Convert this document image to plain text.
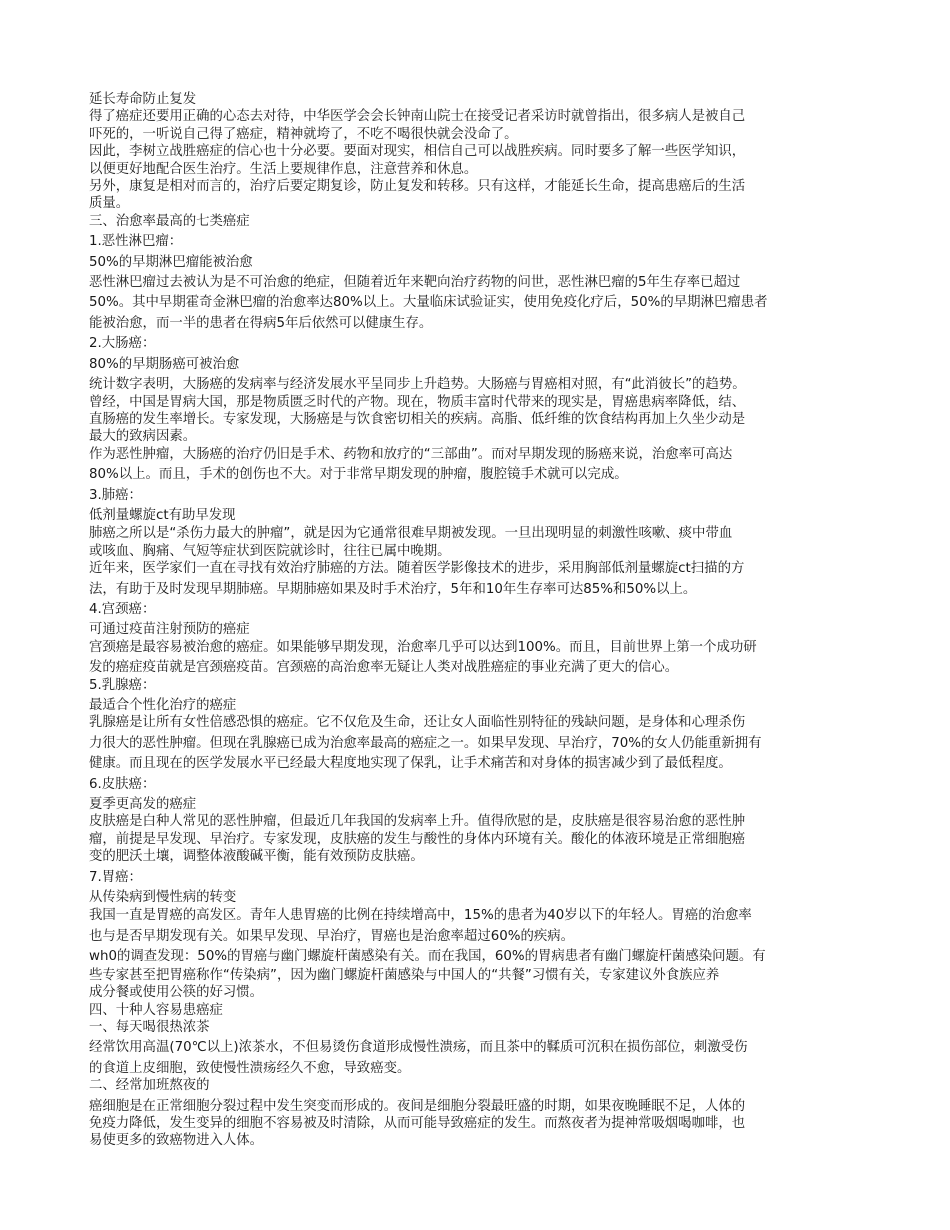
延长寿命防止复发
得了癌症还要用正确的心态去对待，中华医学会会长钟南山院士在接受记者采访时就曾指出，很多病人是被自己
吓死的，一听说自己得了癌症，精神就垮了，不吃不喝很快就会没命了。
因此，李树立战胜癌症的信心也十分必要。要面对现实，相信自己可以战胜疾病。同时要多了解一些医学知识，
以便更好地配合医生治疗。生活上要规律作息，注意营养和休息。
另外，康复是相对而言的，治疗后要定期复诊，防止复发和转移。只有这样，才能延长生命，提高患癌后的生活
质量。
三、治愈率最高的七类癌症
1.恶性淋巴瘤：
50%的早期淋巴瘤能被治愈
恶性淋巴瘤过去被认为是不可治愈的绝症，但随着近年来靶向治疗药物的问世，恶性淋巴瘤的5年生存率已超过
50%。其中早期霍奇金淋巴瘤的治愈率达80%以上。大量临床试验证实，使用免疫化疗后，50%的早期淋巴瘤患者
能被治愈，而一半的患者在得病5年后依然可以健康生存。
2.大肠癌：
80%的早期肠癌可被治愈
统计数字表明，大肠癌的发病率与经济发展水平呈同步上升趋势。大肠癌与胃癌相对照，有“此消彼长”的趋势。
曾经，中国是胃病大国，那是物质匮乏时代的产物。现在，物质丰富时代带来的现实是，胃癌患病率降低，结、
直肠癌的发生率增长。专家发现，大肠癌是与饮食密切相关的疾病。高脂、低纤维的饮食结构再加上久坐少动是
最大的致病因素。
作为恶性肿瘤，大肠癌的治疗仍旧是手术、药物和放疗的“三部曲”。而对早期发现的肠癌来说，治愈率可高达
80%以上。而且，手术的创伤也不大。对于非常早期发现的肿瘤，腹腔镜手术就可以完成。
3.肺癌：
低剂量螺旋ct有助早发现
肺癌之所以是“杀伤力最大的肿瘤”，就是因为它通常很难早期被发现。一旦出现明显的刺激性咳嗽、痰中带血
或咳血、胸痛、气短等症状到医院就诊时，往往已属中晚期。
近年来，医学家们一直在寻找有效治疗肺癌的方法。随着医学影像技术的进步，采用胸部低剂量螺旋ct扫描的方
法，有助于及时发现早期肺癌。早期肺癌如果及时手术治疗，5年和10年生存率可达85%和50%以上。
4.宫颈癌：
可通过疫苗注射预防的癌症
宫颈癌是最容易被治愈的癌症。如果能够早期发现，治愈率几乎可以达到100%。而且，目前世界上第一个成功研
发的癌症疫苗就是宫颈癌疫苗。宫颈癌的高治愈率无疑让人类对战胜癌症的事业充满了更大的信心。
5.乳腺癌：
最适合个性化治疗的癌症
乳腺癌是让所有女性倍感恐惧的癌症。它不仅危及生命，还让女人面临性别特征的残缺问题，是身体和心理杀伤
力很大的恶性肿瘤。但现在乳腺癌已成为治愈率最高的癌症之一。如果早发现、早治疗，70%的女人仍能重新拥有
健康。而且现在的医学发展水平已经最大程度地实现了保乳，让手术痛苦和对身体的损害减少到了最低程度。
6.皮肤癌：
夏季更高发的癌症
皮肤癌是白种人常见的恶性肿瘤，但最近几年我国的发病率上升。值得欣慰的是，皮肤癌是很容易治愈的恶性肿
瘤，前提是早发现、早治疗。专家发现，皮肤癌的发生与酸性的身体内环境有关。酸化的体液环境是正常细胞癌
变的肥沃土壤，调整体液酸碱平衡，能有效预防皮肤癌。
7.胃癌：
从传染病到慢性病的转变
我国一直是胃癌的高发区。青年人患胃癌的比例在持续增高中，15%的患者为40岁以下的年轻人。胃癌的治愈率
也与是否早期发现有关。如果早发现、早治疗，胃癌也是治愈率超过60%的疾病。
wh0的调查发现：50%的胃癌与幽门螺旋杆菌感染有关。而在我国，60%的胃病患者有幽门螺旋杆菌感染问题。有
些专家甚至把胃癌称作“传染病”，因为幽门螺旋杆菌感染与中国人的“共餐”习惯有关，专家建议外食族应养
成分餐或使用公筷的好习惯。
四、十种人容易患癌症
一、每天喝很热浓茶
经常饮用高温(70℃以上)浓茶水，不但易烫伤食道形成慢性溃疡，而且茶中的鞣质可沉积在损伤部位，刺激受伤
的食道上皮细胞，致使慢性溃疡经久不愈，导致癌变。
二、经常加班熬夜的
癌细胞是在正常细胞分裂过程中发生突变而形成的。夜间是细胞分裂最旺盛的时期，如果夜晚睡眠不足，人体的
免疫力降低，发生变异的细胞不容易被及时清除，从而可能导致癌症的发生。而熬夜者为提神常吸烟喝咖啡，也
易使更多的致癌物进入人体。
